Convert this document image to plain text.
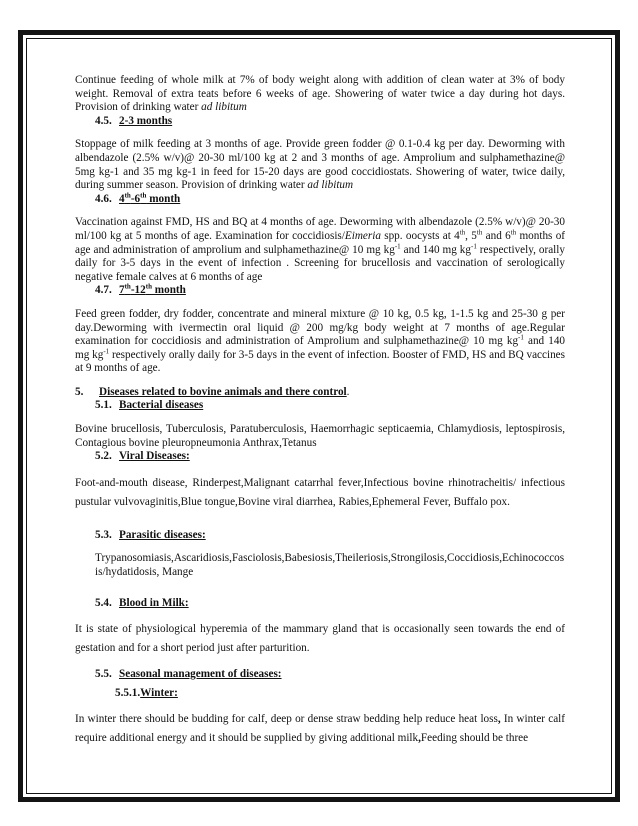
Continue feeding of whole milk at 7% of body weight along with addition of clean water at 3% of body weight. Removal of extra teats before 6 weeks of age. Showering of water twice a day during hot days. Provision of drinking water ad libitum

4.5. 2-3 months

Stoppage of milk feeding at 3 months of age. Provide green fodder @ 0.1-0.4 kg per day. Deworming with albendazole (2.5% w/v)@ 20-30 ml/100 kg at 2 and 3 months of age. Amprolium and sulphamethazine@ 5mg kg-1 and 35 mg kg-1 in feed for 15-20 days are good coccidiostats. Showering of water, twice daily, during summer season. Provision of drinking water ad libitum

4.6. 4th-6th month

Vaccination against FMD, HS and BQ at 4 months of age. Deworming with albendazole (2.5% w/v)@ 20-30 ml/100 kg at 5 months of age. Examination for coccidiosis/Eimeria spp. oocysts at 4th, 5th and 6th months of age and administration of amprolium and sulphamethazine@ 10 mg $kg^{-1}$ and 140 mg $kg^{-1}$ respectively, orally daily for 3-5 days in the event of infection . Screening for brucellosis and vaccination of serologically negative female calves at 6 months of age

4.7. 7th-12th month

Feed green fodder, dry fodder, concentrate and mineral mixture @ 10 kg, 0.5 kg, 1-1.5 kg and 25-30 g per day.Deworming with ivermectin oral liquid @ 200 mg/kg body weight at 7 months of age.Regular examination for coccidiosis and administration of Amprolium and sulphamethazine@ 10 mg $kg^{-1}$ and 140 mg $kg^{-1}$ respectively orally daily for 3-5 days in the event of infection. Booster of FMD, HS and BQ vaccines at 9 months of age.

5. Diseases related to bovine animals and there control.
5.1. Bacterial diseases

Bovine brucellosis, Tuberculosis, Paratuberculosis, Haemorrhagic septicaemia, Chlamydiosis, leptospirosis, Contagious bovine pleuropneumonia Anthrax,Tetanus

5.2. Viral Diseases:

Foot-and-mouth disease, Rinderpest,Malignant catarrhal fever,Infectious bovine rhinotracheitis/ infectious pustular vulvovaginitis,Blue tongue,Bovine viral diarrhea, Rabies,Ephemeral Fever, Buffalo pox.

5.3. Parasitic diseases:

Trypanosomiasis,Ascaridiosis,Fasciolosis,Babesiosis,Theileriosis,Strongilosis,Coccidiosis,Echinococcosis/hydatidosis, Mange

5.4. Blood in Milk:

It is state of physiological hyperemia of the mammary gland that is occasionally seen towards the end of gestation and for a short period just after parturition.

5.5. Seasonal management of diseases:
5.5.1.Winter:

In winter there should be budding for calf, deep or dense straw bedding help reduce heat loss, In winter calf require additional energy and it should be supplied by giving additional milk,Feeding should be three
